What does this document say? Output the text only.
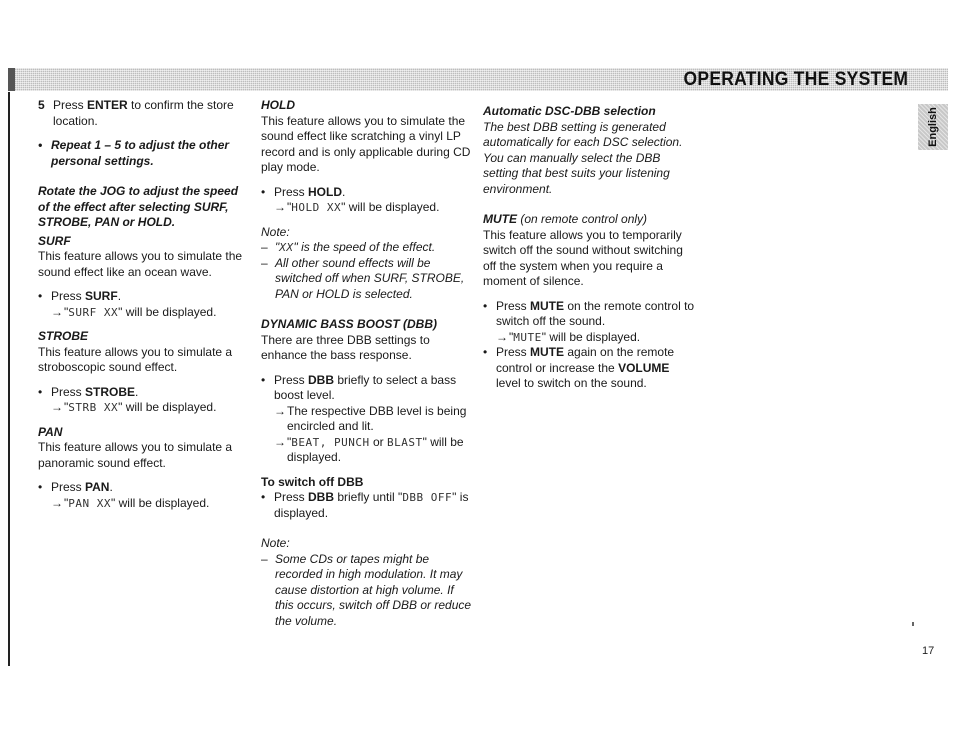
OPERATING THE SYSTEM
English
17
5 Press ENTER to confirm the store location.
• Repeat 1 – 5 to adjust the other personal settings.
Rotate the JOG to adjust the speed of the effect after selecting SURF, STROBE, PAN or HOLD.
SURF
This feature allows you to simulate the sound effect like an ocean wave.
• Press SURF.
→ "SURF XX" will be displayed.
STROBE
This feature allows you to simulate a stroboscopic sound effect.
• Press STROBE.
→ "STRB XX" will be displayed.
PAN
This feature allows you to simulate a panoramic sound effect.
• Press PAN.
→ "PAN XX" will be displayed.
HOLD
This feature allows you to simulate the sound effect like scratching a vinyl LP record and is only applicable during CD play mode.
• Press HOLD.
→ "HOLD XX" will be displayed.
Note:
– "XX" is the speed of the effect.
– All other sound effects will be switched off when SURF, STROBE, PAN or HOLD is selected.
DYNAMIC BASS BOOST (DBB)
There are three DBB settings to enhance the bass response.
• Press DBB briefly to select a bass boost level.
→ The respective DBB level is being encircled and lit.
→ "BEAT, PUNCH or BLAST" will be displayed.
To switch off DBB
• Press DBB briefly until "DBB OFF" is displayed.
Note:
– Some CDs or tapes might be recorded in high modulation. It may cause distortion at high volume. If this occurs, switch off DBB or reduce the volume.
Automatic DSC-DBB selection
The best DBB setting is generated automatically for each DSC selection. You can manually select the DBB setting that best suits your listening environment.
MUTE (on remote control only)
This feature allows you to temporarily switch off the sound without switching off the system when you require a moment of silence.
• Press MUTE on the remote control to switch off the sound.
→ "MUTE" will be displayed.
• Press MUTE again on the remote control or increase the VOLUME level to switch on the sound.
